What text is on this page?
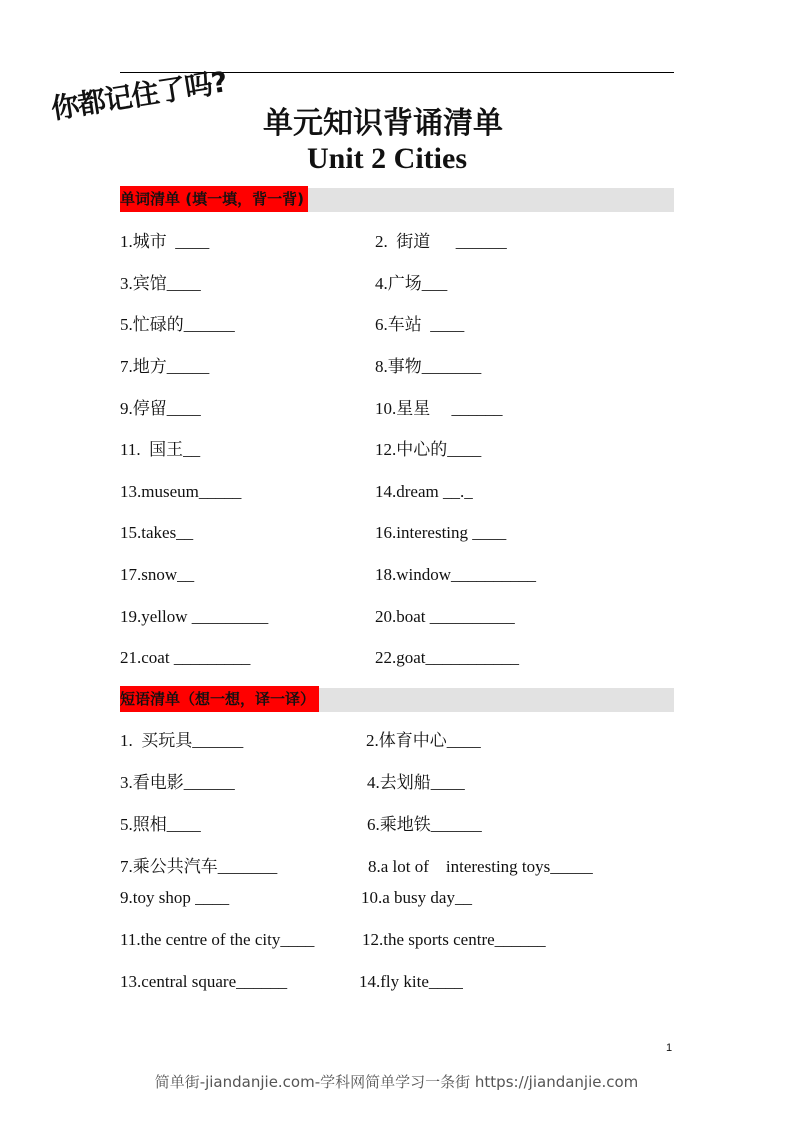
你都记住了吗? 单元知识背诵清单
Unit 2 Cities
单词清单 (填一填，背一背)
1.城市  ____	2.  街道      ______
3.宾馆____	4.广场___
5.忙碌的______	6.车站  ____
7.地方_____	8.事物_______
9.停留____	10.星星     ______
11.  国王__	12.中心的____
13.museum_____	14.dream __._
15.takes__	16.interesting ____
17.snow__	18.window__________
19.yellow _________	20.boat __________
21.coat _________	22.goat___________
短语清单（想一想，译一译）
1.  买玩具______	2.体育中心____
3.看电影______	4.去划船____
5.照相____	6.乘地铁______
7.乘公共汽车_______	8.a lot of    interesting toys_____
9.toy shop ____	10.a busy day__
11.the centre of the city____	12.the sports centre______
13.central square______	14.fly kite____
1
简单街-jiandanjie.com-学科网简单学习一条街 https://jiandanjie.com
